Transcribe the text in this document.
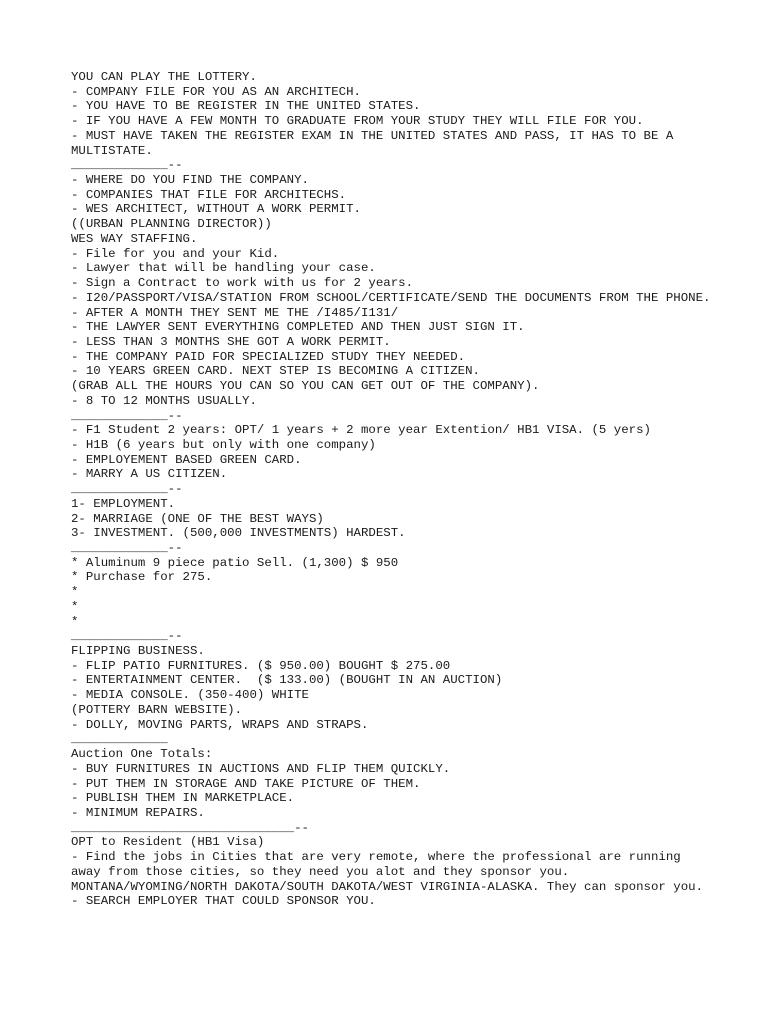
YOU CAN PLAY THE LOTTERY.
- COMPANY FILE FOR YOU AS AN ARCHITECH.
- YOU HAVE TO BE REGISTER IN THE UNITED STATES.
- IF YOU HAVE A FEW MONTH TO GRADUATE FROM YOUR STUDY THEY WILL FILE FOR YOU.
- MUST HAVE TAKEN THE REGISTER EXAM IN THE UNITED STATES AND PASS, IT HAS TO BE A MULTISTATE.
_____________--
- WHERE DO YOU FIND THE COMPANY.
- COMPANIES THAT FILE FOR ARCHITECHS.
- WES ARCHITECT, WITHOUT A WORK PERMIT.
((URBAN PLANNING DIRECTOR))
WES WAY STAFFING.
- File for you and your Kid.
- Lawyer that will be handling your case.
- Sign a Contract to work with us for 2 years.
- I20/PASSPORT/VISA/STATION FROM SCHOOL/CERTIFICATE/SEND THE DOCUMENTS FROM THE PHONE.
- AFTER A MONTH THEY SENT ME THE /I485/I131/
- THE LAWYER SENT EVERYTHING COMPLETED AND THEN JUST SIGN IT.
- LESS THAN 3 MONTHS SHE GOT A WORK PERMIT.
- THE COMPANY PAID FOR SPECIALIZED STUDY THEY NEEDED.
- 10 YEARS GREEN CARD. NEXT STEP IS BECOMING A CITIZEN.
(GRAB ALL THE HOURS YOU CAN SO YOU CAN GET OUT OF THE COMPANY).
- 8 TO 12 MONTHS USUALLY.
_____________--
- F1 Student 2 years: OPT/ 1 years + 2 more year Extention/ HB1 VISA. (5 yers)
- H1B (6 years but only with one company)
- EMPLOYEMENT BASED GREEN CARD.
- MARRY A US CITIZEN.
_____________--
1- EMPLOYMENT.
2- MARRIAGE (ONE OF THE BEST WAYS)
3- INVESTMENT. (500,000 INVESTMENTS) HARDEST.
_____________--
* Aluminum 9 piece patio Sell. (1,300) $ 950
* Purchase for 275.
*
*
*
_____________--
FLIPPING BUSINESS.
- FLIP PATIO FURNITURES. ($ 950.00) BOUGHT $ 275.00
- ENTERTAINMENT CENTER.  ($ 133.00) (BOUGHT IN AN AUCTION)
- MEDIA CONSOLE. (350-400) WHITE
(POTTERY BARN WEBSITE).
- DOLLY, MOVING PARTS, WRAPS AND STRAPS.
_____________
Auction One Totals:
- BUY FURNITURES IN AUCTIONS AND FLIP THEM QUICKLY.
- PUT THEM IN STORAGE AND TAKE PICTURE OF THEM.
- PUBLISH THEM IN MARKETPLACE.
- MINIMUM REPAIRS.
______________________________--
OPT to Resident (HB1 Visa)
- Find the jobs in Cities that are very remote, where the professional are running away from those cities, so they need you alot and they sponsor you.
MONTANA/WYOMING/NORTH DAKOTA/SOUTH DAKOTA/WEST VIRGINIA-ALASKA. They can sponsor you.
- SEARCH EMPLOYER THAT COULD SPONSOR YOU.
